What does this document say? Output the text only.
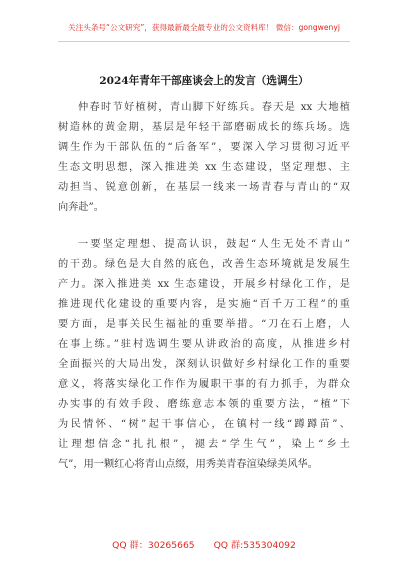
关注头条号“公文研究”，获得最新最全最专业的公文资料库！ 微信：gongwenyj
2024年青年干部座谈会上的发言（选调生）
仲春时节好植树，青山脚下好练兵。春天是 xx 大地植
树造林的黄金期，基层是年轻干部磨砺成长的练兵场。选
调生作为干部队伍的“后备军”，要深入学习贯彻习近平
生态文明思想，深入推进美 xx 生态建设，坚定理想、主
动担当、锐意创新，在基层一线来一场青春与青山的“双
向奔赴”。
一要坚定理想、提高认识，鼓起“人生无处不青山”
的干劲。绿色是大自然的底色，改善生态环境就是发展生
产力。深入推进美 xx 生态建设，开展乡村绿化工作，是
推进现代化建设的重要内容，是实施“百千万工程”的重
要方面，是事关民生福祉的重要举措。“刀在石上磨，人
在事上练。”驻村选调生要从讲政治的高度，从推进乡村
全面振兴的大局出发，深刻认识做好乡村绿化工作的重要
意义，将落实绿化工作作为履职干事的有力抓手，为群众
办实事的有效手段、磨练意志本领的重要方法，“植”下
为民情怀、“树”起干事信心，在镇村一线“蹲蹲苗”、
让理想信念“扎扎根”，褪去“学生气”，染上“乡土
气”，用一颗红心将青山点缀，用秀美青春渲染绿美风华。
QQ 群：30265665 QQ 群:535304092
